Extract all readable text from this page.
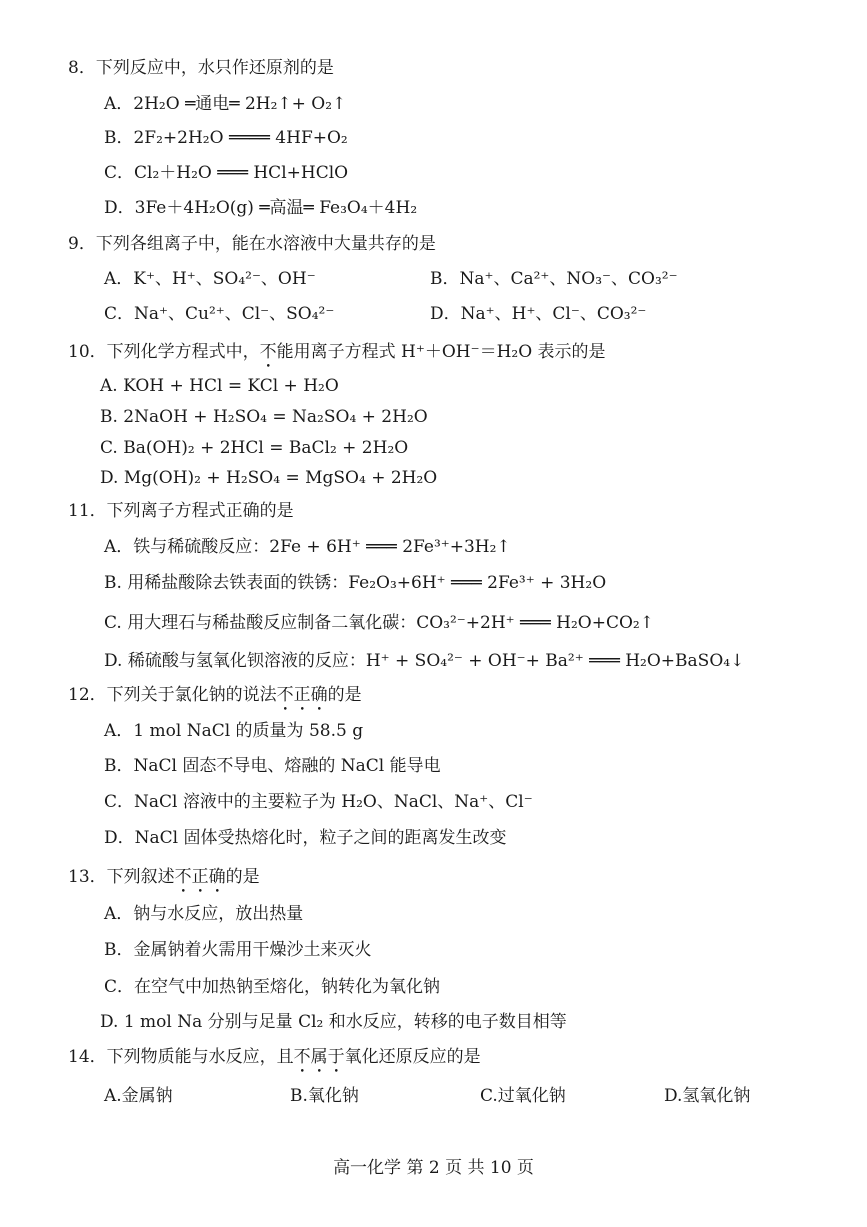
8．下列反应中，水只作还原剂的是
A．2H₂O ═通电═ 2H₂↑+ O₂↑
B．2F₂+2H₂O ════ 4HF+O₂
C．Cl₂＋H₂O ═══ HCl+HClO
D．3Fe＋4H₂O(g) ═高温═ Fe₃O₄＋4H₂
9．下列各组离子中，能在水溶液中大量共存的是
A．K⁺、H⁺、SO₄²⁻、OH⁻	B．Na⁺、Ca²⁺、NO₃⁻、CO₃²⁻
C．Na⁺、Cu²⁺、Cl⁻、SO₄²⁻	D．Na⁺、H⁺、Cl⁻、CO₃²⁻
10．下列化学方程式中，不能用离子方程式 H⁺＋OH⁻＝H₂O 表示的是
A. KOH + HCl = KCl + H₂O
B. 2NaOH + H₂SO₄ = Na₂SO₄ + 2H₂O
C. Ba(OH)₂ + 2HCl = BaCl₂ + 2H₂O
D. Mg(OH)₂ + H₂SO₄ = MgSO₄ + 2H₂O
11．下列离子方程式正确的是
A．铁与稀硫酸反应：2Fe + 6H⁺ ═══ 2Fe³⁺+3H₂↑
B. 用稀盐酸除去铁表面的铁锈：Fe₂O₃+6H⁺ ═══ 2Fe³⁺ + 3H₂O
C. 用大理石与稀盐酸反应制备二氧化碳：CO₃²⁻+2H⁺ ═══ H₂O+CO₂↑
D. 稀硫酸与氢氧化钡溶液的反应：H⁺ + SO₄²⁻ + OH⁻+ Ba²⁺ ═══ H₂O+BaSO₄↓
12．下列关于氯化钠的说法不正确的是
A．1 mol NaCl 的质量为 58.5 g
B．NaCl 固态不导电、熔融的 NaCl 能导电
C．NaCl 溶液中的主要粒子为 H₂O、NaCl、Na⁺、Cl⁻
D．NaCl 固体受热熔化时，粒子之间的距离发生改变
13．下列叙述不正确的是
A．钠与水反应，放出热量
B．金属钠着火需用干燥沙土来灭火
C．在空气中加热钠至熔化，钠转化为氧化钠
D. 1 mol Na 分别与足量 Cl₂ 和水反应，转移的电子数目相等
14．下列物质能与水反应，且不属于氧化还原反应的是
A.金属钠	B.氧化钠	C.过氧化钠	D.氢氧化钠
高一化学 第 2 页 共 10 页
